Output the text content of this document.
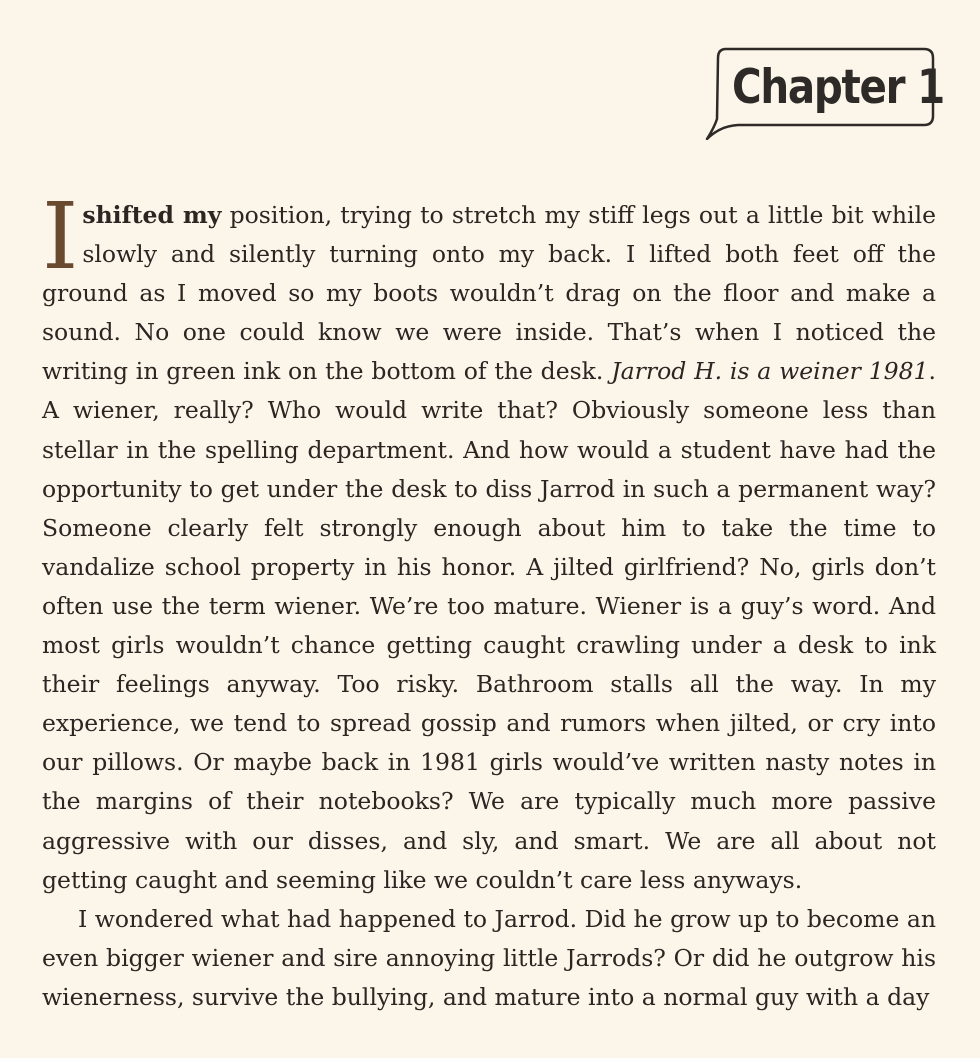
Chapter 1

Ishifted my position, trying to stretch my stiff legs out a little bit while slowly and silently turning onto my back. I lifted both feet off the ground as I moved so my boots wouldn’t drag on the floor and make a sound. No one could know we were inside. That’s when I noticed the writing in green ink on the bottom of the desk. Jarrod H. is a weiner 1981. A wiener, really? Who would write that? Obviously someone less than stellar in the spelling department. And how would a student have had the opportunity to get under the desk to diss Jarrod in such a permanent way? Someone clearly felt strongly enough about him to take the time to vandalize school property in his honor. A jilted girlfriend? No, girls don’t often use the term wiener. We’re too mature. Wiener is a guy’s word. And most girls wouldn’t chance getting caught crawling under a desk to ink their feelings anyway. Too risky. Bathroom stalls all the way. In my experience, we tend to spread gossip and rumors when jilted, or cry into our pillows. Or maybe back in 1981 girls would’ve written nasty notes in the margins of their notebooks? We are typically much more passive aggressive with our disses, and sly, and smart. We are all about not getting caught and seeming like we couldn’t care less anyways.

I wondered what had happened to Jarrod. Did he grow up to become an even bigger wiener and sire annoying little Jarrods? Or did he outgrow his wienerness, survive the bullying, and mature into a normal guy with a day
